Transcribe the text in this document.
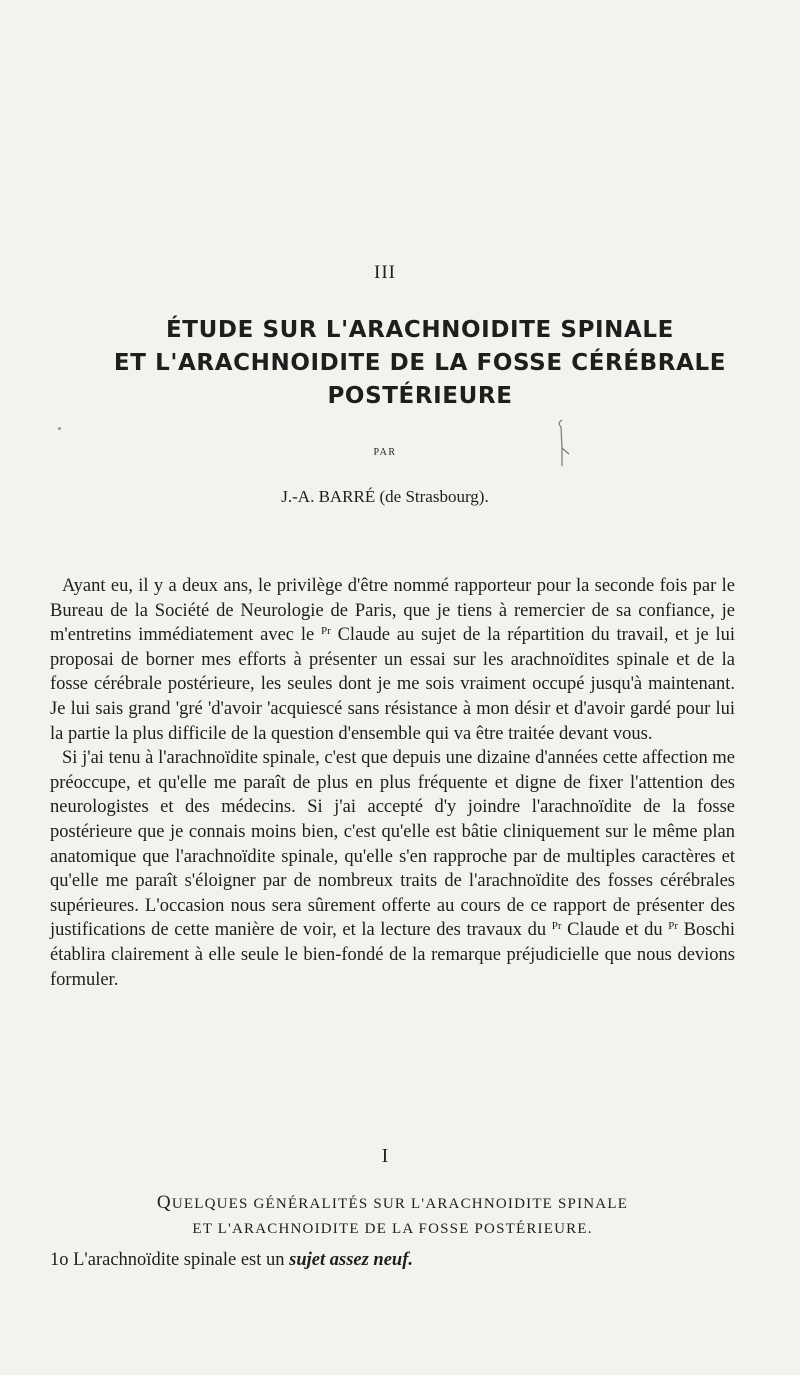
III
ÉTUDE SUR L'ARACHNOIDITE SPINALE
ET L'ARACHNOIDITE DE LA FOSSE CÉRÉBRALE
POSTÉRIEURE
PAR
J.-A. BARRÉ (de Strasbourg).

Ayant eu, il y a deux ans, le privilège d'être nommé rapporteur pour la seconde fois par le Bureau de la Société de Neurologie de Paris, que je tiens à remercier de sa confiance, je m'entretins immédiatement avec le $^{Pr}$ Claude au sujet de la répartition du travail, et je lui proposai de borner mes efforts à présenter un essai sur les arachnoïdites spinale et de la fosse cérébrale postérieure, les seules dont je me sois vraiment occupé jusqu'à maintenant. Je lui sais grand 'gré 'd'avoir 'acquiescé sans résistance à mon désir et d'avoir gardé pour lui la partie la plus difficile de la question d'ensemble qui va être traitée devant vous.

Si j'ai tenu à l'arachnoïdite spinale, c'est que depuis une dizaine d'années cette affection me préoccupe, et qu'elle me paraît de plus en plus fréquente et digne de fixer l'attention des neurologistes et des médecins. Si j'ai accepté d'y joindre l'arachnoïdite de la fosse postérieure que je connais moins bien, c'est qu'elle est bâtie cliniquement sur le même plan anatomique que l'arachnoïdite spinale, qu'elle s'en rapproche par de multiples caractères et qu'elle me paraît s'éloigner par de nombreux traits de l'arachnoïdite des fosses cérébrales supérieures. L'occasion nous sera sûrement offerte au cours de ce rapport de présenter des justifications de cette manière de voir, et la lecture des travaux du $^{Pr}$ Claude et du $^{Pr}$ Boschi établira clairement à elle seule le bien-fondé de la remarque préjudicielle que nous devions formuler.

I
QUELQUES GÉNÉRALITÉS SUR L'ARACHNOIDITE SPINALE
ET L'ARACHNOIDITE DE LA FOSSE POSTÉRIEURE.
1o L'arachnoïdite spinale est un sujet assez neuf.
